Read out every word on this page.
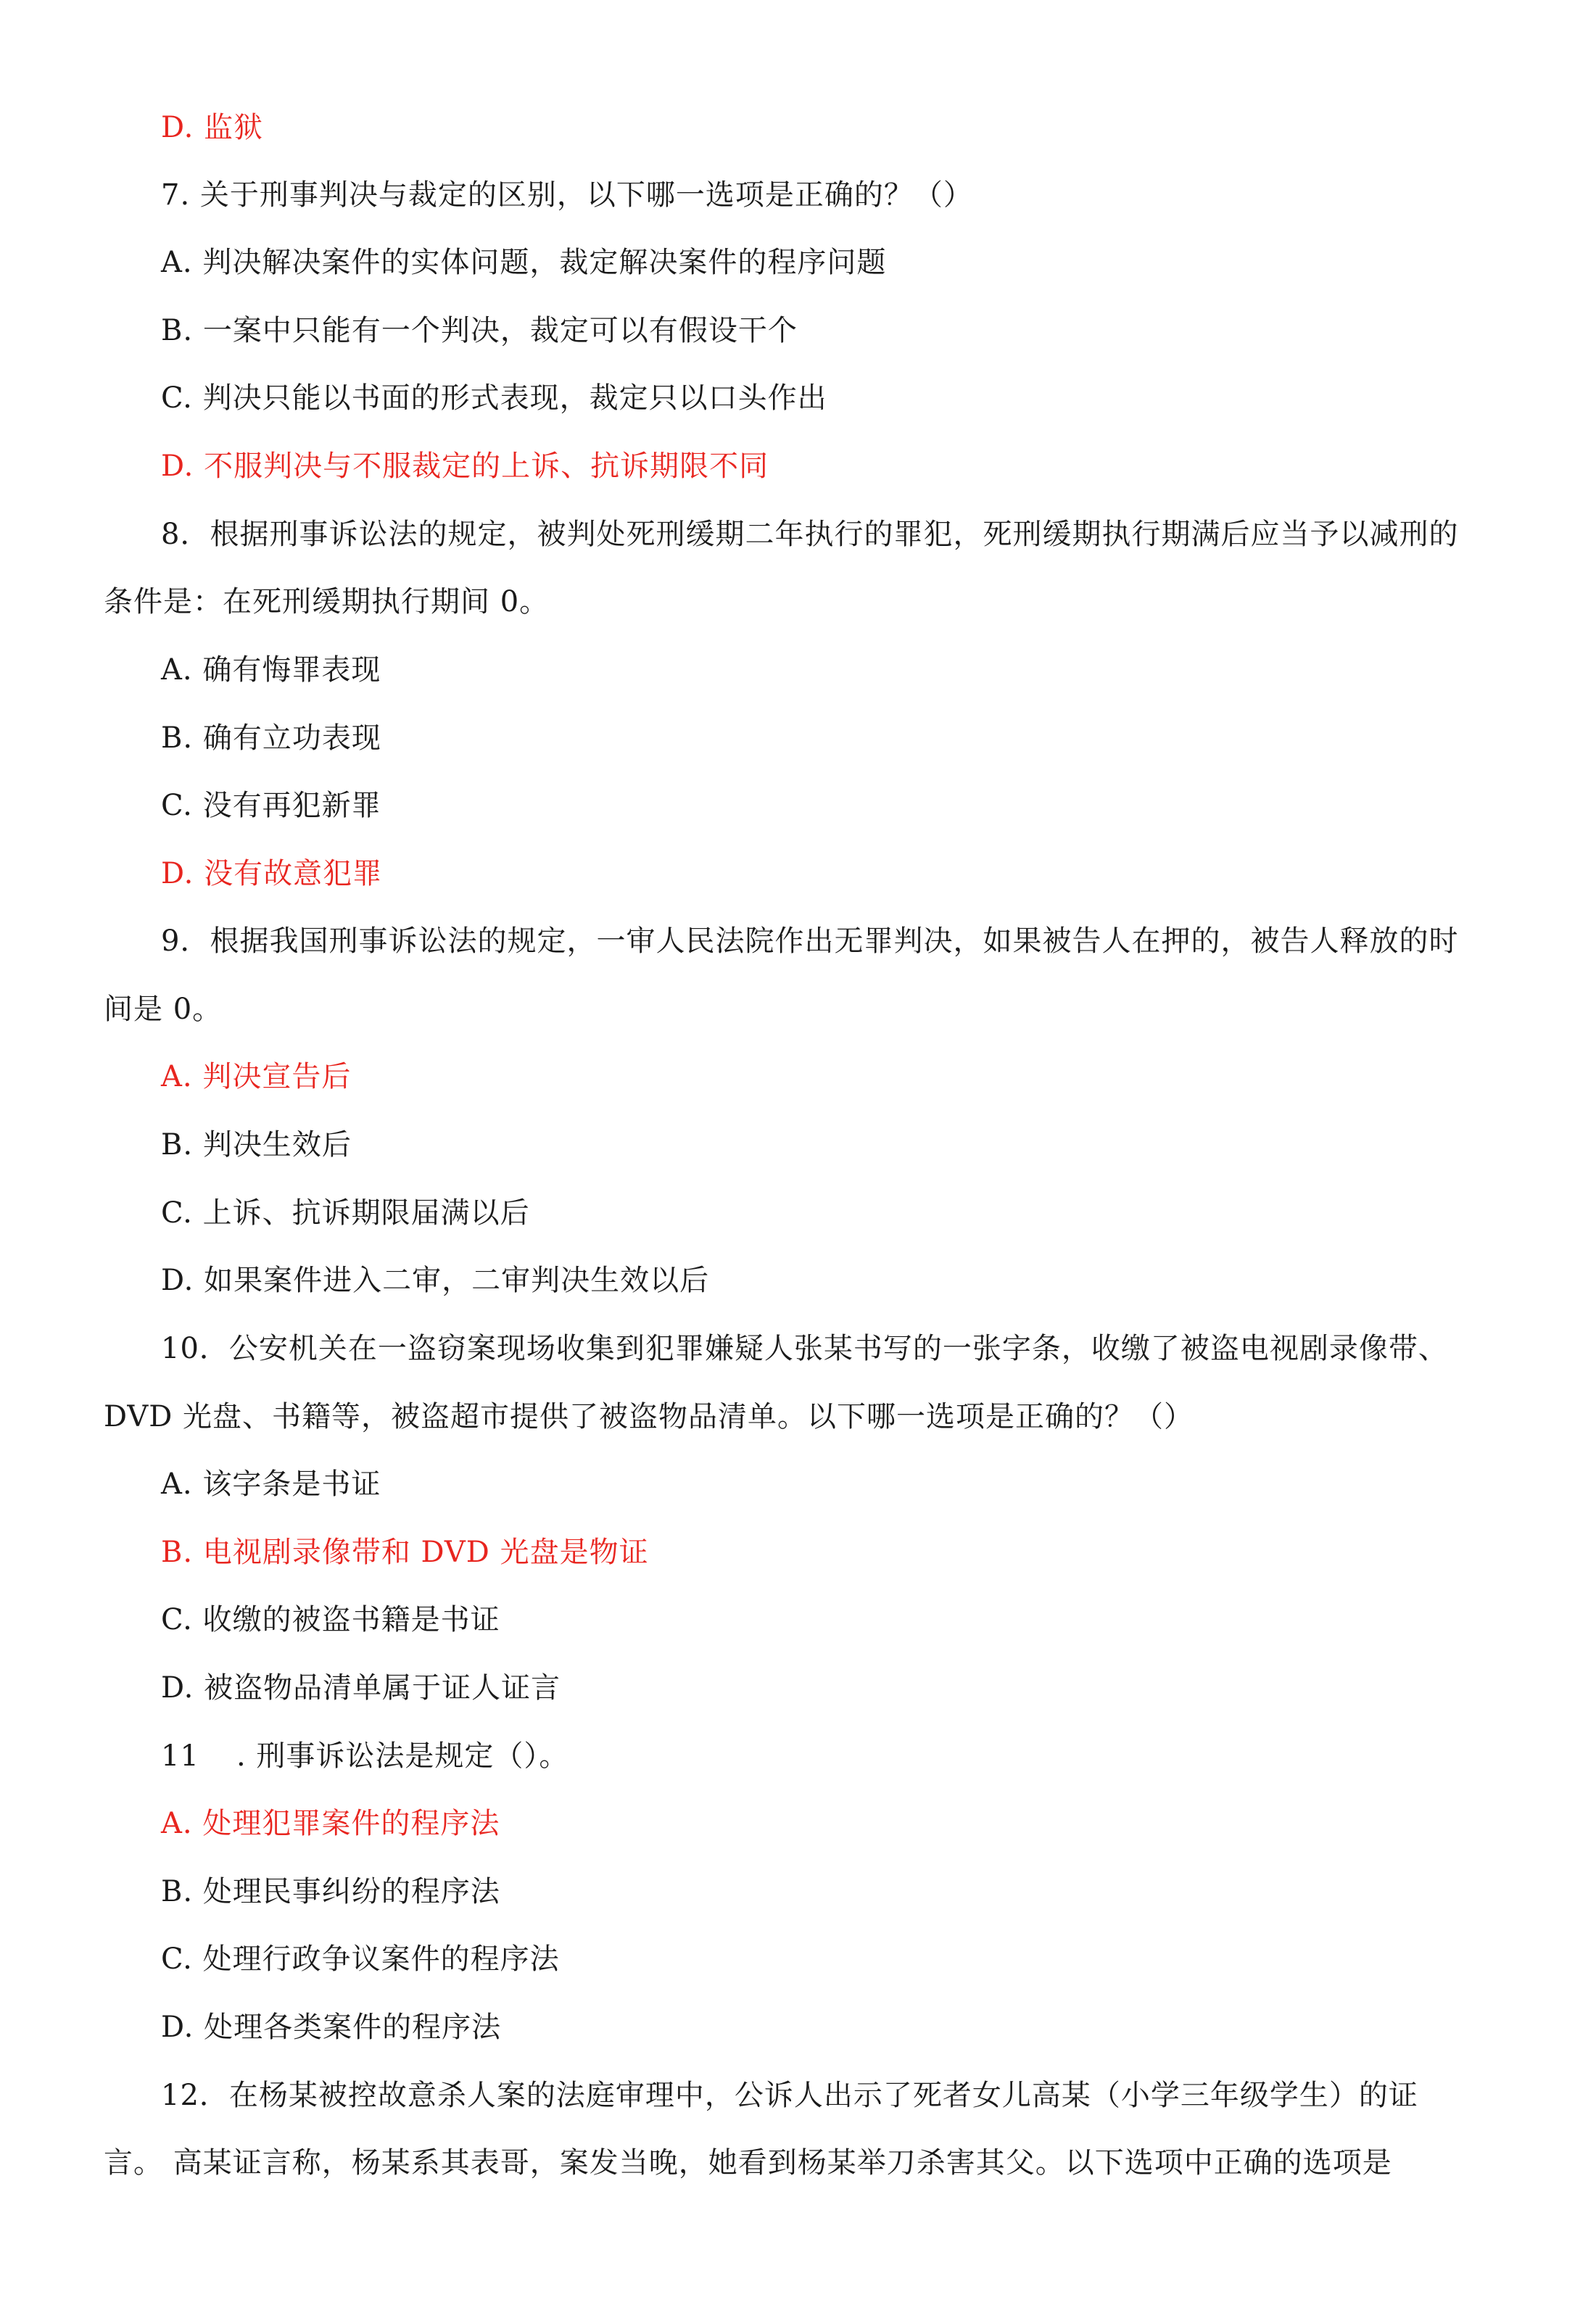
D. 监狱
7. 关于刑事判决与裁定的区别，以下哪一选项是正确的？（）
A. 判决解决案件的实体问题，裁定解决案件的程序问题
B. 一案中只能有一个判决，裁定可以有假设干个
C. 判决只能以书面的形式表现，裁定只以口头作出
D. 不服判决与不服裁定的上诉、抗诉期限不同
8．根据刑事诉讼法的规定，被判处死刑缓期二年执行的罪犯，死刑缓期执行期满后应当予以减刑的
条件是：在死刑缓期执行期间 0。
A. 确有悔罪表现
B. 确有立功表现
C. 没有再犯新罪
D. 没有故意犯罪
9．根据我国刑事诉讼法的规定，一审人民法院作出无罪判决，如果被告人在押的，被告人释放的时
间是 0。
A. 判决宣告后
B. 判决生效后
C. 上诉、抗诉期限届满以后
D. 如果案件进入二审，二审判决生效以后
10．公安机关在一盗窃案现场收集到犯罪嫌疑人张某书写的一张字条，收缴了被盗电视剧录像带、
DVD 光盘、书籍等，被盗超市提供了被盗物品清单。以下哪一选项是正确的？（）
A. 该字条是书证
B. 电视剧录像带和 DVD 光盘是物证
C. 收缴的被盗书籍是书证
D. 被盗物品清单属于证人证言
11 . 刑事诉讼法是规定（）。
A. 处理犯罪案件的程序法
B. 处理民事纠纷的程序法
C. 处理行政争议案件的程序法
D. 处理各类案件的程序法
12．在杨某被控故意杀人案的法庭审理中，公诉人出示了死者女儿高某（小学三年级学生）的证
言。 高某证言称，杨某系其表哥，案发当晚，她看到杨某举刀杀害其父。以下选项中正确的选项是
